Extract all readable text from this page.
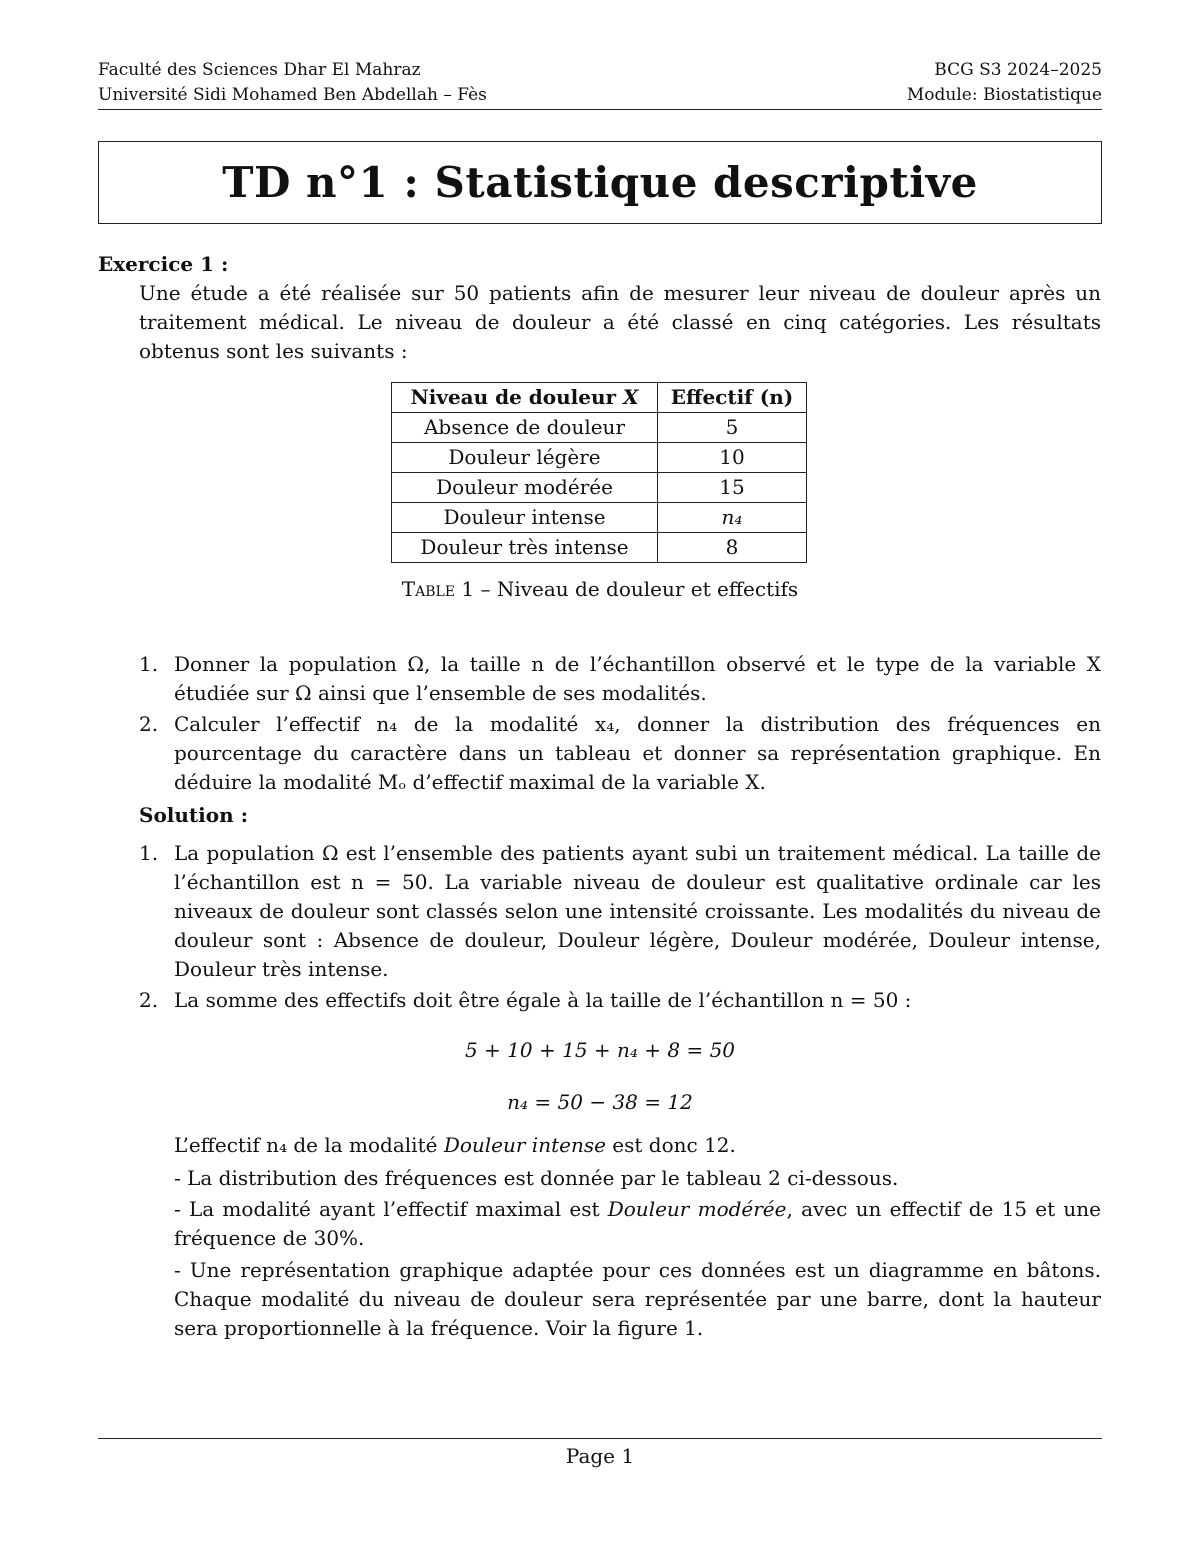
Faculté des Sciences Dhar El Mahraz	BCG S3 2024–2025
Université Sidi Mohamed Ben Abdellah – Fès	Module: Biostatistique
TD n°1 : Statistique descriptive
Exercice 1 :

Une étude a été réalisée sur 50 patients afin de mesurer leur niveau de douleur après un traitement médical. Le niveau de douleur a été classé en cinq catégories. Les résultats obtenus sont les suivants :

Niveau de douleur X	Effectif (n)
Absence de douleur	5
Douleur légère	10
Douleur modérée	15
Douleur intense	n₄
Douleur très intense	8
Table 1 – Niveau de douleur et effectifs
1. Donner la population Ω, la taille n de l’échantillon observé et le type de la variable X étudiée sur Ω ainsi que l’ensemble de ses modalités.
2. Calculer l’effectif n₄ de la modalité x₄, donner la distribution des fréquences en pourcentage du caractère dans un tableau et donner sa représentation graphique. En déduire la modalité Mₒ d’effectif maximal de la variable X.
Solution :
1. La population Ω est l’ensemble des patients ayant subi un traitement médical. La taille de l’échantillon est n = 50. La variable niveau de douleur est qualitative ordinale car les niveaux de douleur sont classés selon une intensité croissante. Les modalités du niveau de douleur sont : Absence de douleur, Douleur légère, Douleur modérée, Douleur intense, Douleur très intense.
2. La somme des effectifs doit être égale à la taille de l’échantillon n = 50 :
5 + 10 + 15 + n₄ + 8 = 50
n₄ = 50 − 38 = 12

L’effectif n₄ de la modalité Douleur intense est donc 12.

- La distribution des fréquences est donnée par le tableau 2 ci-dessous.

- La modalité ayant l’effectif maximal est Douleur modérée, avec un effectif de 15 et une fréquence de 30%.

- Une représentation graphique adaptée pour ces données est un diagramme en bâtons. Chaque modalité du niveau de douleur sera représentée par une barre, dont la hauteur sera proportionnelle à la fréquence. Voir la figure 1.

Page 1
